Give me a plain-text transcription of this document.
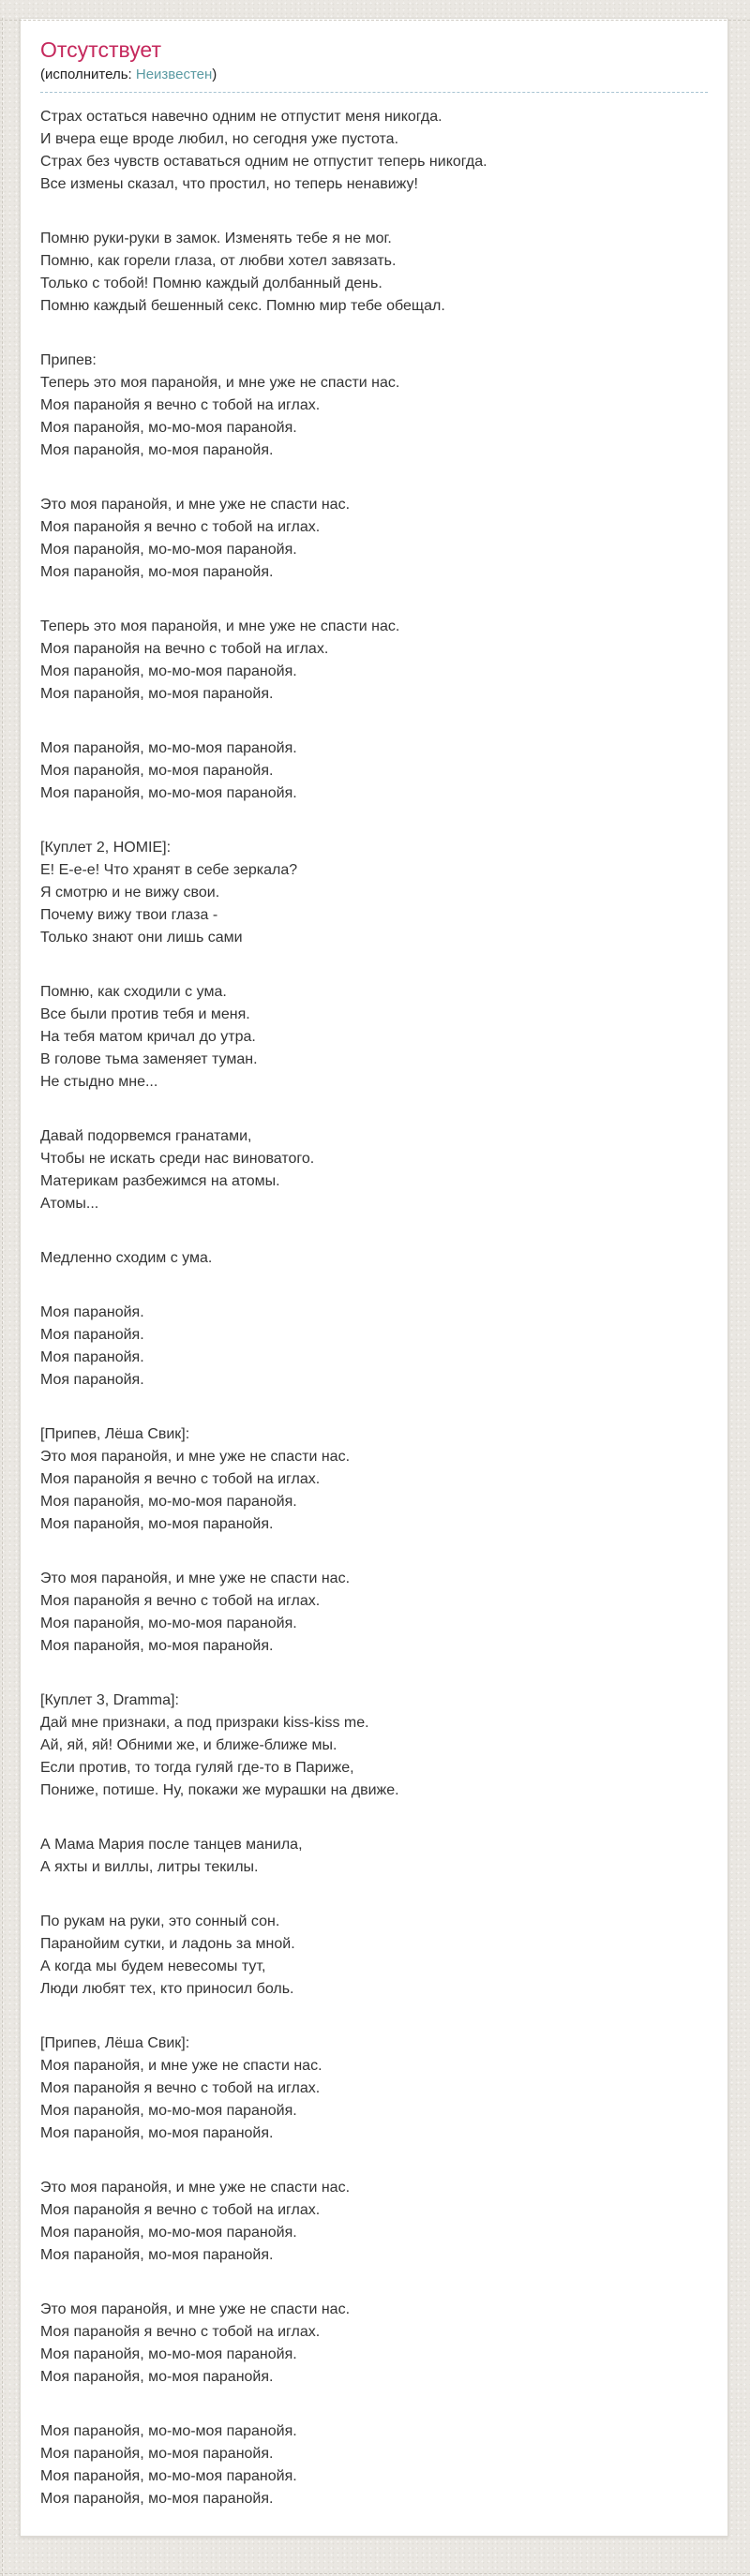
Отсутствует
(исполнитель: Неизвестен)

Страх остаться навечно одним не отпустит меня никогда.
И вчера еще вроде любил, но сегодня уже пустота.
Страх без чувств оставаться одним не отпустит теперь никогда.
Все измены сказал, что простил, но теперь ненавижу!

Помню руки-руки в замок. Изменять тебе я не мог.
Помню, как горели глаза, от любви хотел завязать.
Только с тобой! Помню каждый долбанный день.
Помню каждый бешенный секс. Помню мир тебе обещал.

Припев:
Теперь это моя паранойя, и мне уже не спасти нас.
Моя паранойя я вечно с тобой на иглах.
Моя паранойя, мо-мо-моя паранойя.
Моя паранойя, мо-моя паранойя.

Это моя паранойя, и мне уже не спасти нас.
Моя паранойя я вечно с тобой на иглах.
Моя паранойя, мо-мо-моя паранойя.
Моя паранойя, мо-моя паранойя.

Теперь это моя паранойя, и мне уже не спасти нас.
Моя паранойя на вечно с тобой на иглах.
Моя паранойя, мо-мо-моя паранойя.
Моя паранойя, мо-моя паранойя.

Моя паранойя, мо-мо-моя паранойя.
Моя паранойя, мо-моя паранойя.
Моя паранойя, мо-мо-моя паранойя.

[Куплет 2, HOMIE]:
Е! Е-е-е! Что хранят в себе зеркала?
Я смотрю и не вижу свои.
Почему вижу твои глаза -
Только знают они лишь сами

Помню, как сходили с ума.
Все были против тебя и меня.
На тебя матом кричал до утра.
В голове тьма заменяет туман.
Не стыдно мне...

Давай подорвемся гранатами,
Чтобы не искать среди нас виноватого.
Материкам разбежимся на атомы.
Атомы...

Медленно сходим с ума.

Моя паранойя.
Моя паранойя.
Моя паранойя.
Моя паранойя.

[Припев, Лёша Свик]:
Это моя паранойя, и мне уже не спасти нас.
Моя паранойя я вечно с тобой на иглах.
Моя паранойя, мо-мо-моя паранойя.
Моя паранойя, мо-моя паранойя.

Это моя паранойя, и мне уже не спасти нас.
Моя паранойя я вечно с тобой на иглах.
Моя паранойя, мо-мо-моя паранойя.
Моя паранойя, мо-моя паранойя.

[Куплет 3, Dramma]:
Дай мне признаки, а под призраки kiss-kiss me.
Ай, яй, яй! Обними же, и ближе-ближе мы.
Если против, то тогда гуляй где-то в Париже,
Пониже, потише. Ну, покажи же мурашки на движе.

А Мама Мария после танцев манила,
А яхты и виллы, литры текилы.

По рукам на руки, это сонный сон.
Паранойим сутки, и ладонь за мной.
А когда мы будем невесомы тут,
Люди любят тех, кто приносил боль.

[Припев, Лёша Свик]:
Моя паранойя, и мне уже не спасти нас.
Моя паранойя я вечно с тобой на иглах.
Моя паранойя, мо-мо-моя паранойя.
Моя паранойя, мо-моя паранойя.

Это моя паранойя, и мне уже не спасти нас.
Моя паранойя я вечно с тобой на иглах.
Моя паранойя, мо-мо-моя паранойя.
Моя паранойя, мо-моя паранойя.

Это моя паранойя, и мне уже не спасти нас.
Моя паранойя я вечно с тобой на иглах.
Моя паранойя, мо-мо-моя паранойя.
Моя паранойя, мо-моя паранойя.

Моя паранойя, мо-мо-моя паранойя.
Моя паранойя, мо-моя паранойя.
Моя паранойя, мо-мо-моя паранойя.
Моя паранойя, мо-моя паранойя.
